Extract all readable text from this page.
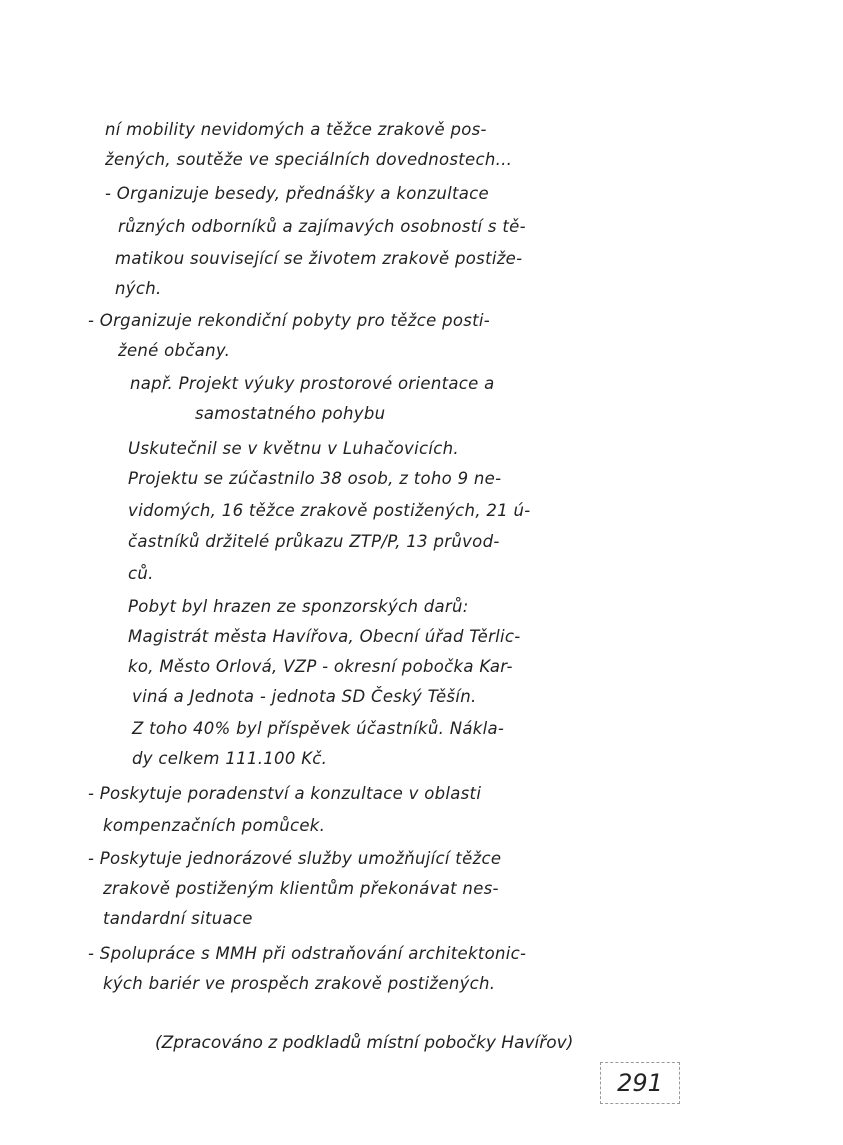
ní mobility nevidomých a těžce zrakově pos-
žených, soutěže ve speciálních dovednostech...
- Organizuje besedy, přednášky a konzultace
různých odborníků a zajímavých osobností s tě-
matikou související se životem zrakově postiže-
ných.
- Organizuje rekondiční pobyty pro těžce posti-
žené občany.
např. Projekt výuky prostorové orientace a
samostatného pohybu
Uskutečnil se v květnu v Luhačovicích.
Projektu se zúčastnilo 38 osob, z toho 9 ne-
vidomých, 16 těžce zrakově postižených, 21 ú-
častníků držitelé průkazu ZTP/P, 13 průvod-
ců.
Pobyt byl hrazen ze sponzorských darů:
Magistrát města Havířova, Obecní úřad Těrlic-
ko, Město Orlová, VZP - okresní pobočka Kar-
viná a Jednota - jednota SD Český Těšín.
Z toho 40% byl příspěvek účastníků. Nákla-
dy celkem 111.100 Kč.
- Poskytuje poradenství a konzultace v oblasti
kompenzačních pomůcek.
- Poskytuje jednorázové služby umožňující těžce
zrakově postiženým klientům překonávat nes-
tandardní situace
- Spolupráce s MMH při odstraňování architektonic-
kých bariér ve prospěch zrakově postižených.
(Zpracováno z podkladů místní pobočky Havířov)
291
